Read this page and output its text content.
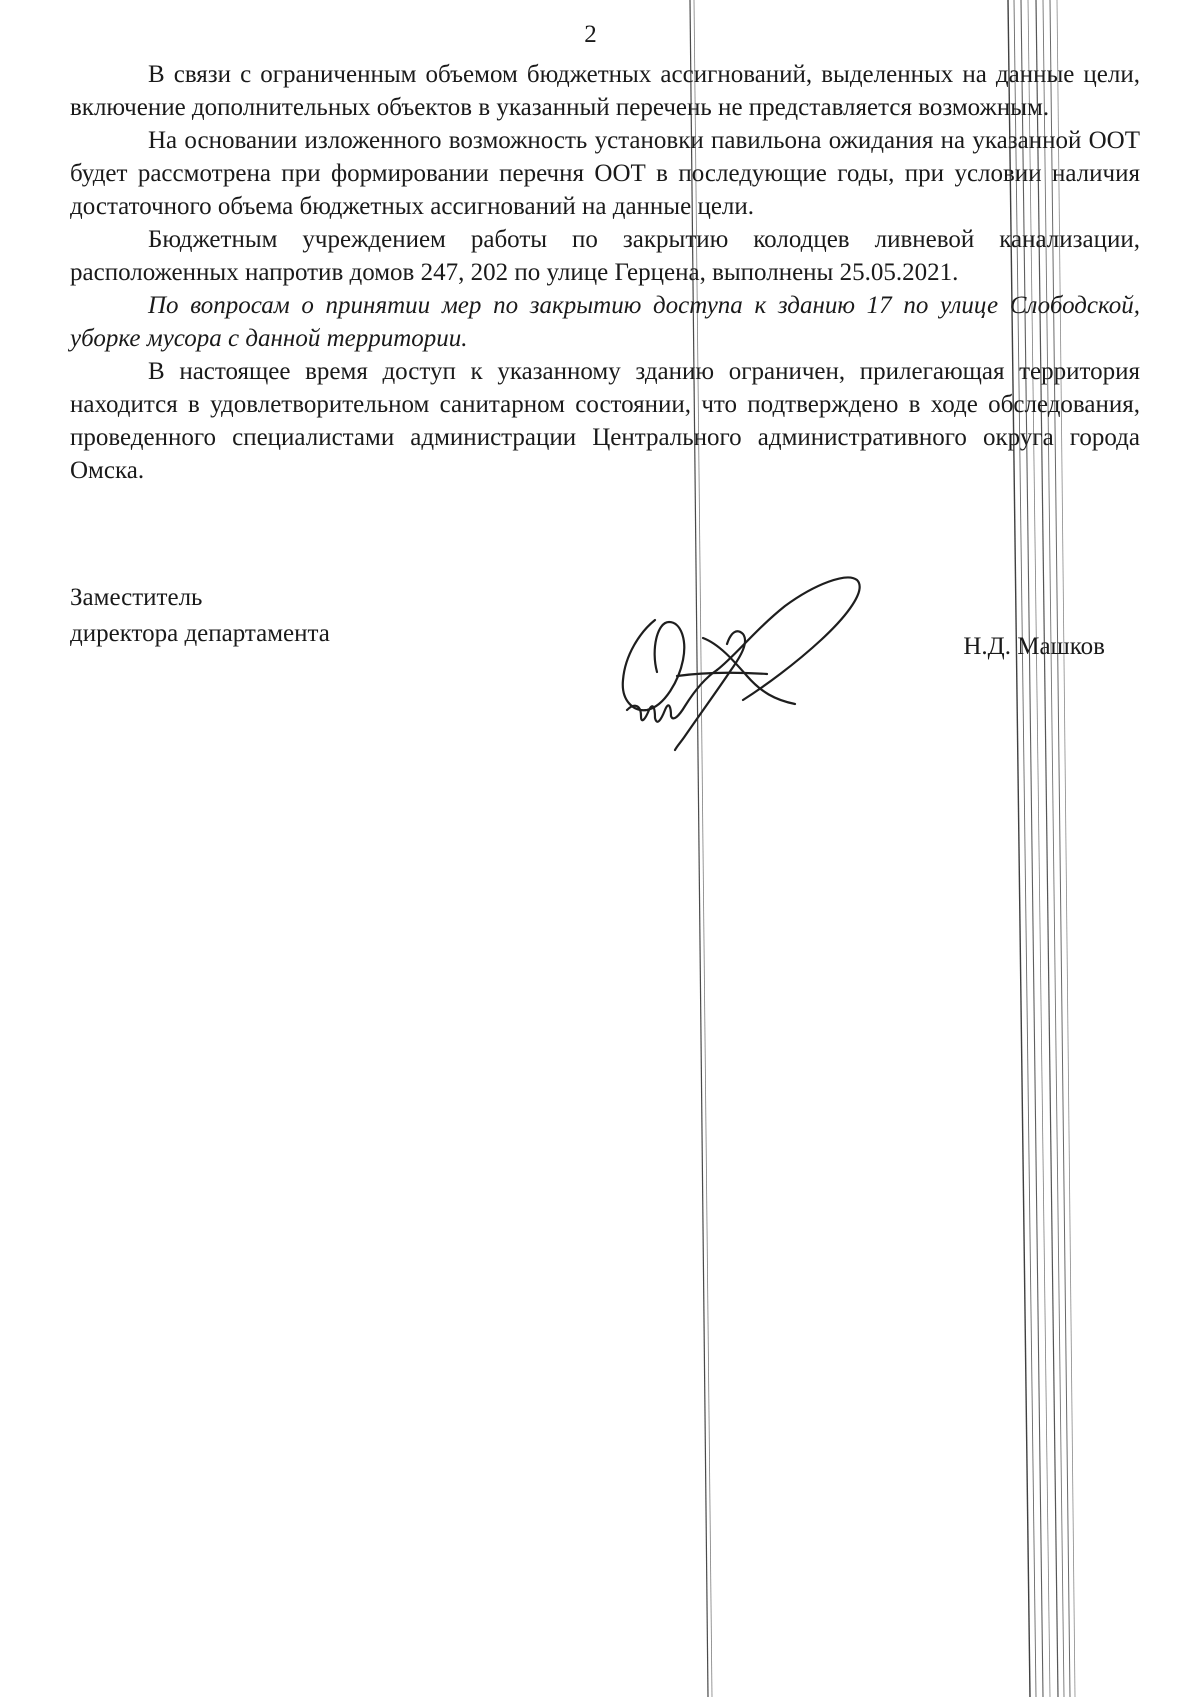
2

В связи с ограниченным объемом бюджетных ассигнований, выделенных на данные цели, включение дополнительных объектов в указанный перечень не представляется возможным.

На основании изложенного возможность установки павильона ожидания на указанной ООТ будет рассмотрена при формировании перечня ООТ в последующие годы, при условии наличия достаточного объема бюджетных ассигнований на данные цели.

Бюджетным учреждением работы по закрытию колодцев ливневой канализации, расположенных напротив домов 247, 202 по улице Герцена, выполнены 25.05.2021.

По вопросам о принятии мер по закрытию доступа к зданию 17 по улице Слободской, уборке мусора с данной территории.

В настоящее время доступ к указанному зданию ограничен, прилегающая территория находится в удовлетворительном санитарном состоянии, что подтверждено в ходе обследования, проведенного специалистами администрации Центрального административного округа города Омска.

Заместитель
директора департамента	Н.Д. Машков
